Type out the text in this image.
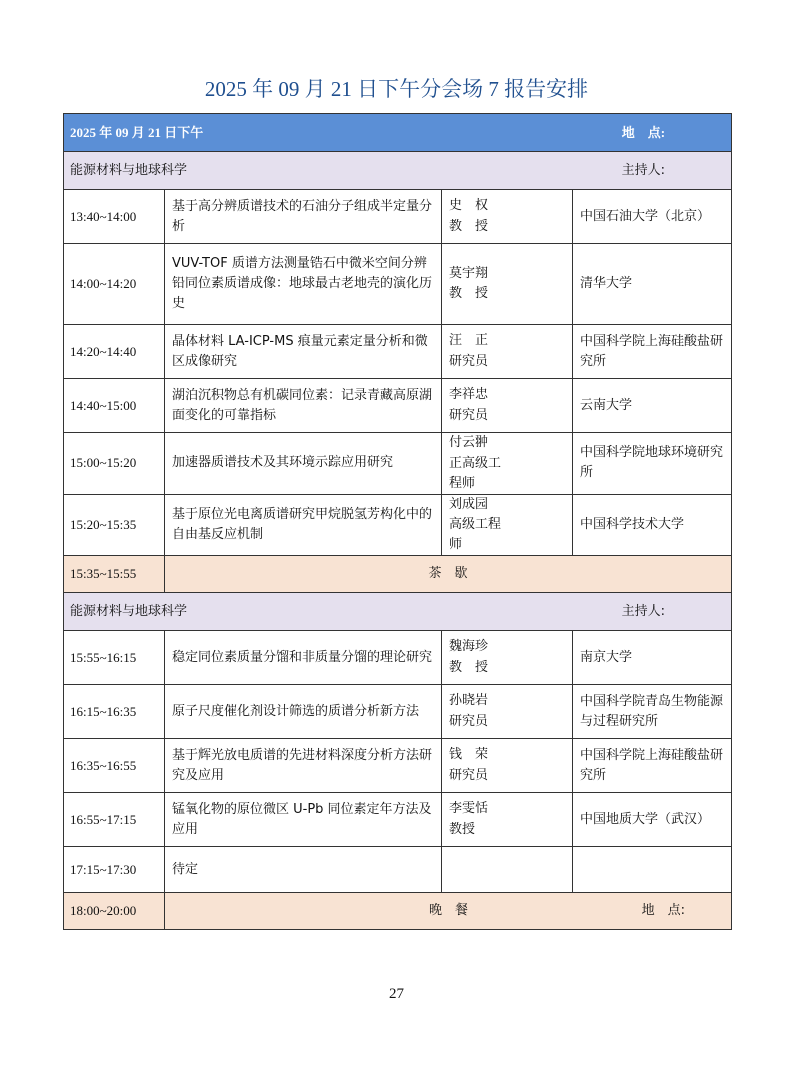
2025 年 09 月 21 日下午分会场 7 报告安排
2025 年 09 月 21 日下午 地　点:			

能源材料与地球科学 主持人:			

13:40~14:00	基于高分辨质谱技术的石油分子组成半定量分析	史　权教　授	中国石油大学（北京）
14:00~14:20	VUV-TOF 质谱方法测量锆石中微米空间分辨铅同位素质谱成像：地球最古老地壳的演化历史	莫宇翔教　授	清华大学
14:20~14:40	晶体材料 LA-ICP-MS 痕量元素定量分析和微区成像研究	汪　正研究员	中国科学院上海硅酸盐研究所
14:40~15:00	湖泊沉积物总有机碳同位素：记录青藏高原湖面变化的可靠指标	李祥忠研究员	云南大学
15:00~15:20	加速器质谱技术及其环境示踪应用研究	付云翀正高级工程师	中国科学院地球环境研究所
15:20~15:35	基于原位光电离质谱研究甲烷脱氢芳构化中的自由基反应机制	刘成园高级工程师	中国科学技术大学
15:35~15:55	茶　歇		

能源材料与地球科学 主持人:			

15:55~16:15	稳定同位素质量分馏和非质量分馏的理论研究	魏海珍教　授	南京大学
16:15~16:35	原子尺度催化剂设计筛选的质谱分析新方法	孙晓岩研究员	中国科学院青岛生物能源与过程研究所
16:35~16:55	基于辉光放电质谱的先进材料深度分析方法研究及应用	钱　荣研究员	中国科学院上海硅酸盐研究所
16:55~17:15	锰氧化物的原位微区 U-Pb 同位素定年方法及应用	李雯恬教授	中国地质大学（武汉）
17:15~17:30	待定		
18:00~20:00	晚　餐 地　点:		
27
